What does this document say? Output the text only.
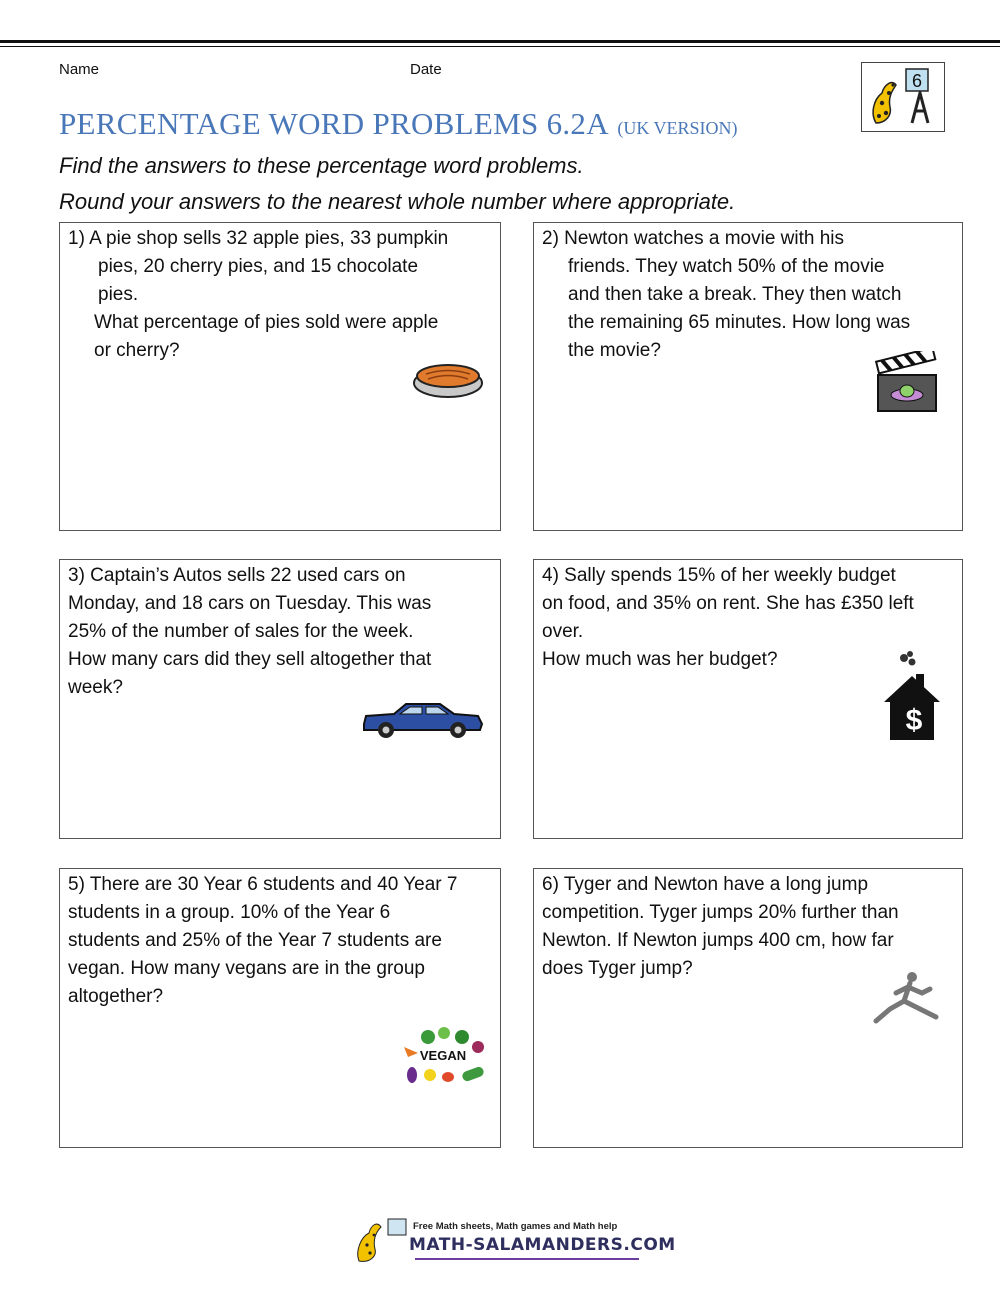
Name	Date
6
PERCENTAGE WORD PROBLEMS 6.2A (UK VERSION)
Find the answers to these percentage word problems.
Round your answers to the nearest whole number where appropriate.
1) A pie shop sells 32 apple pies, 33 pumpkin
pies, 20 cherry pies, and 15 chocolate
pies.
What percentage of pies sold were apple
or cherry?
2) Newton watches a movie with his
friends. They watch 50% of the movie
and then take a break. They then watch
the remaining 65 minutes. How long was
the movie?
3) Captain’s Autos sells 22 used cars on
Monday, and 18 cars on Tuesday. This was
25% of the number of sales for the week.
How many cars did they sell altogether that
week?
4) Sally spends 15% of her weekly budget
on food, and 35% on rent. She has £350 left
over.
How much was her budget?
$
5) There are 30 Year 6 students and 40 Year 7
students in a group. 10% of the Year 6
students and 25% of the Year 7 students are
vegan. How many vegans are in the group
altogether?
VEGAN
6) Tyger and Newton have a long jump
competition. Tyger jumps 20% further than
Newton. If Newton jumps 400 cm, how far
does Tyger jump?
Free Math sheets, Math games and Math help
MATH-SALAMANDERS.COM
